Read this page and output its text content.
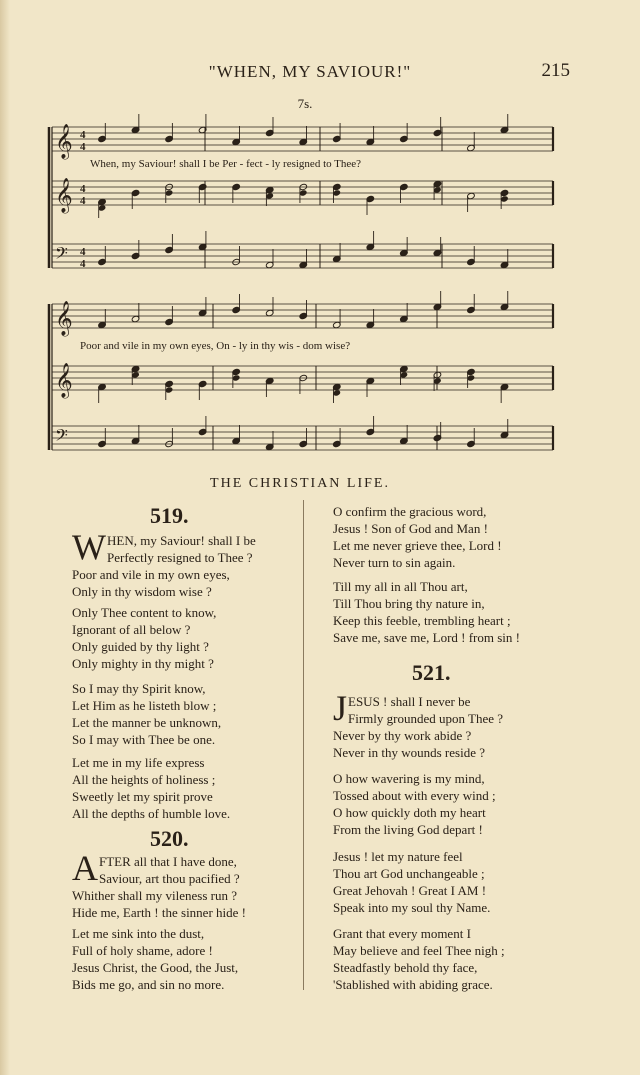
"WHEN, MY SAVIOUR!"	215
7s.
𝄞 4
4
𝄞 4
4
𝄢 4
4
𝄞
𝄞
𝄢
When, my Saviour! shall I be Per - fect - ly resigned to Thee?
Poor and vile in my own eyes, On - ly in thy wis - dom wise?
THE CHRISTIAN LIFE.
519.
W HEN, my Saviour! shall I be
Perfectly resigned to Thee ?
Poor and vile in my own eyes,
Only in thy wisdom wise ?
Only Thee content to know,
Ignorant of all below ?
Only guided by thy light ?
Only mighty in thy might ?
So I may thy Spirit know,
Let Him as he listeth blow ;
Let the manner be unknown,
So I may with Thee be one.
Let me in my life express
All the heights of holiness ;
Sweetly let my spirit prove
All the depths of humble love.
520.
A FTER all that I have done,
Saviour, art thou pacified ?
Whither shall my vileness run ?
Hide me, Earth ! the sinner hide !
Let me sink into the dust,
Full of holy shame, adore !
Jesus Christ, the Good, the Just,
Bids me go, and sin no more.
O confirm the gracious word,
Jesus ! Son of God and Man !
Let me never grieve thee, Lord !
Never turn to sin again.
Till my all in all Thou art,
Till Thou bring thy nature in,
Keep this feeble, trembling heart ;
Save me, save me, Lord ! from sin !
521.
J ESUS ! shall I never be
Firmly grounded upon Thee ?
Never by thy work abide ?
Never in thy wounds reside ?
O how wavering is my mind,
Tossed about with every wind ;
O how quickly doth my heart
From the living God depart !
Jesus ! let my nature feel
Thou art God unchangeable ;
Great Jehovah ! Great I AM !
Speak into my soul thy Name.
Grant that every moment I
May believe and feel Thee nigh ;
Steadfastly behold thy face,
'Stablished with abiding grace.
